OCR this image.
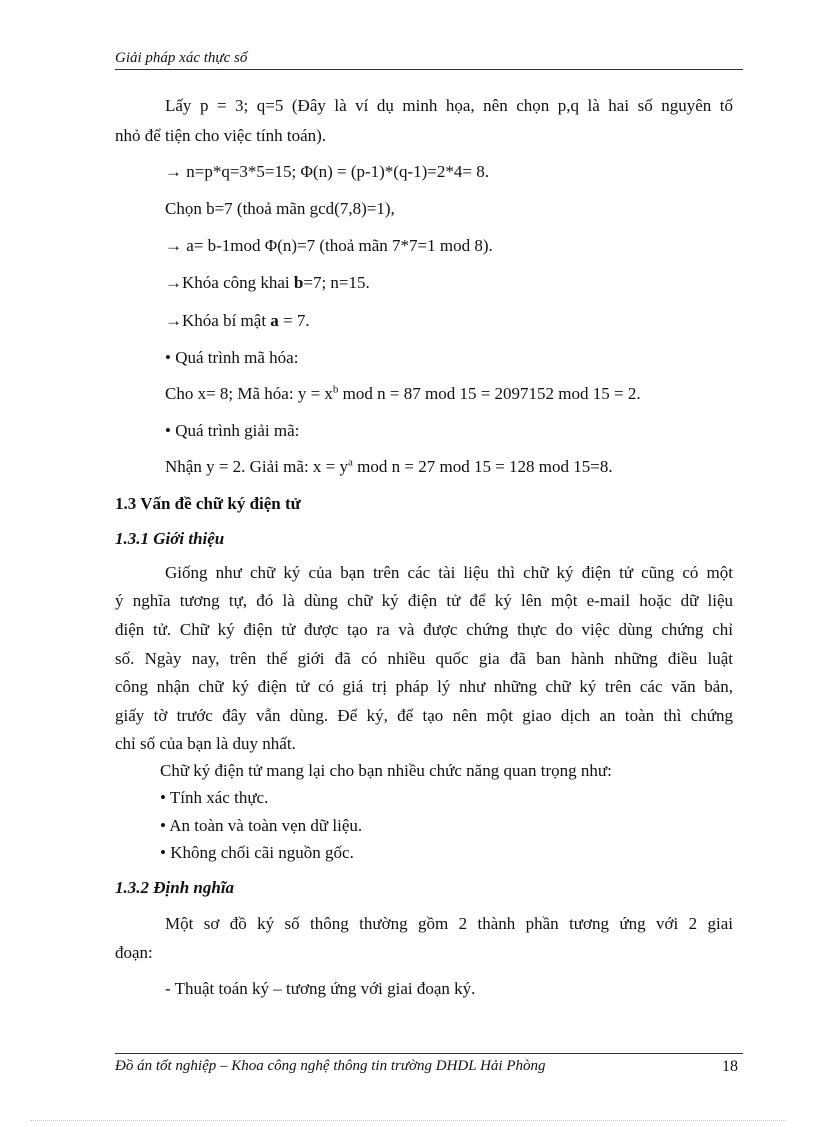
Giải pháp xác thực số
Lấy p = 3; q=5 (Đây là ví dụ minh họa, nên chọn p,q là hai số nguyên tố
nhỏ để tiện cho việc tính toán).
→ n=p*q=3*5=15; Φ(n) = (p-1)*(q-1)=2*4= 8.
Chọn b=7 (thoả mãn gcd(7,8)=1),
→ a= b-1mod Φ(n)=7 (thoả mãn 7*7=1 mod 8).
→Khóa công khai b=7; n=15.
→Khóa bí mật a = 7.
• Quá trình mã hóa:
Cho x= 8; Mã hóa: $y = x^b$ mod n = 87 mod 15 = 2097152 mod 15 = 2.
• Quá trình giải mã:
Nhận y = 2. Giải mã: $x = y^a$ mod n = 27 mod 15 = 128 mod 15=8.
1.3 Vấn đề chữ ký điện tử
1.3.1 Giới thiệu
Giống như chữ ký của bạn trên các tài liệu thì chữ ký điện tử cũng có một
ý nghĩa tương tự, đó là dùng chữ ký điện tử để ký lên một e-mail hoặc dữ liệu
điện tử. Chữ ký điện tử được tạo ra và được chứng thực do việc dùng chứng chỉ
số. Ngày nay, trên thế giới đã có nhiều quốc gia đã ban hành những điều luật
công nhận chữ ký điện tử có giá trị pháp lý như những chữ ký trên các văn bản,
giấy tờ trước đây vẫn dùng. Để ký, để tạo nên một giao dịch an toàn thì chứng
chỉ số của bạn là duy nhất.
Chữ ký điện tử mang lại cho bạn nhiều chức năng quan trọng như:
• Tính xác thực.
• An toàn và toàn vẹn dữ liệu.
• Không chối cãi nguồn gốc.
1.3.2 Định nghĩa
Một sơ đồ ký số thông thường gồm 2 thành phần tương ứng với 2 giai
đoạn:
- Thuật toán ký – tương ứng với giai đoạn ký.
Đồ án tốt nghiệp – Khoa công nghệ thông tin trường DHDL Hải Phòng	18
